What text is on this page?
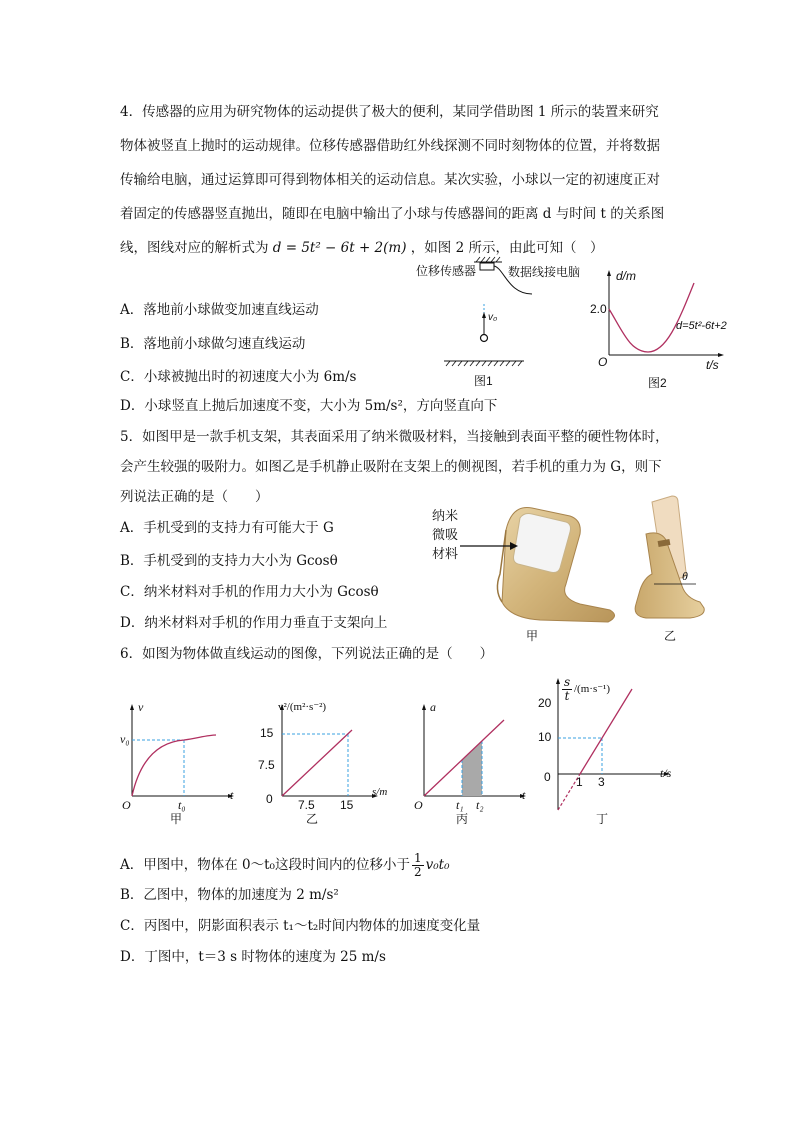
4．传感器的应用为研究物体的运动提供了极大的便利，某同学借助图 1 所示的装置来研究
物体被竖直上抛时的运动规律。位移传感器借助红外线探测不同时刻物体的位置，并将数据
传输给电脑，通过运算即可得到物体相关的运动信息。某次实验，小球以一定的初速度正对
着固定的传感器竖直抛出，随即在电脑中输出了小球与传感器间的距离 d 与时间 t 的关系图
线，图线对应的解析式为 d = 5t² − 6t + 2(m) ，如图 2 所示，由此可知（　）
A．落地前小球做变加速直线运动
B．落地前小球做匀速直线运动
C．小球被抛出时的初速度大小为 6m/s
D．小球竖直上抛后加速度不变，大小为 5m/s²，方向竖直向下
位移传感器	数据线接电脑
v₀
图1
d/m
2.0
O	t/s
d=5t²-6t+2
图2
5．如图甲是一款手机支架，其表面采用了纳米微吸材料，当接触到表面平整的硬性物体时，
会产生较强的吸附力。如图乙是手机静止吸附在支架上的侧视图，若手机的重力为 G，则下
列说法正确的是（　　）
A．手机受到的支持力有可能大于 G
B．手机受到的支持力大小为 Gcosθ
C．纳米材料对手机的作用力大小为 Gcosθ
D．纳米材料对手机的作用力垂直于支架向上
纳米
微吸
材料
θ
甲	乙
6．如图为物体做直线运动的图像，下列说法正确的是（　　）
v
t
v₀
O	t₀
甲
v²/(m²·s⁻²)
s/m
15
7.5
0 7.5 15
乙
a
t
O	t₁ t₂
丙
$\frac{s}{t} /(m\cdot s^{-1})$
20
10
0 1 3
t/s
丁
A．甲图中，物体在 0～t₀这段时间内的位移小于 $\frac{1}{2} v_0t_0$
B．乙图中，物体的加速度为 2 m/s²
C．丙图中，阴影面积表示 t₁～t₂时间内物体的加速度变化量
D．丁图中，t＝3 s 时物体的速度为 25 m/s
